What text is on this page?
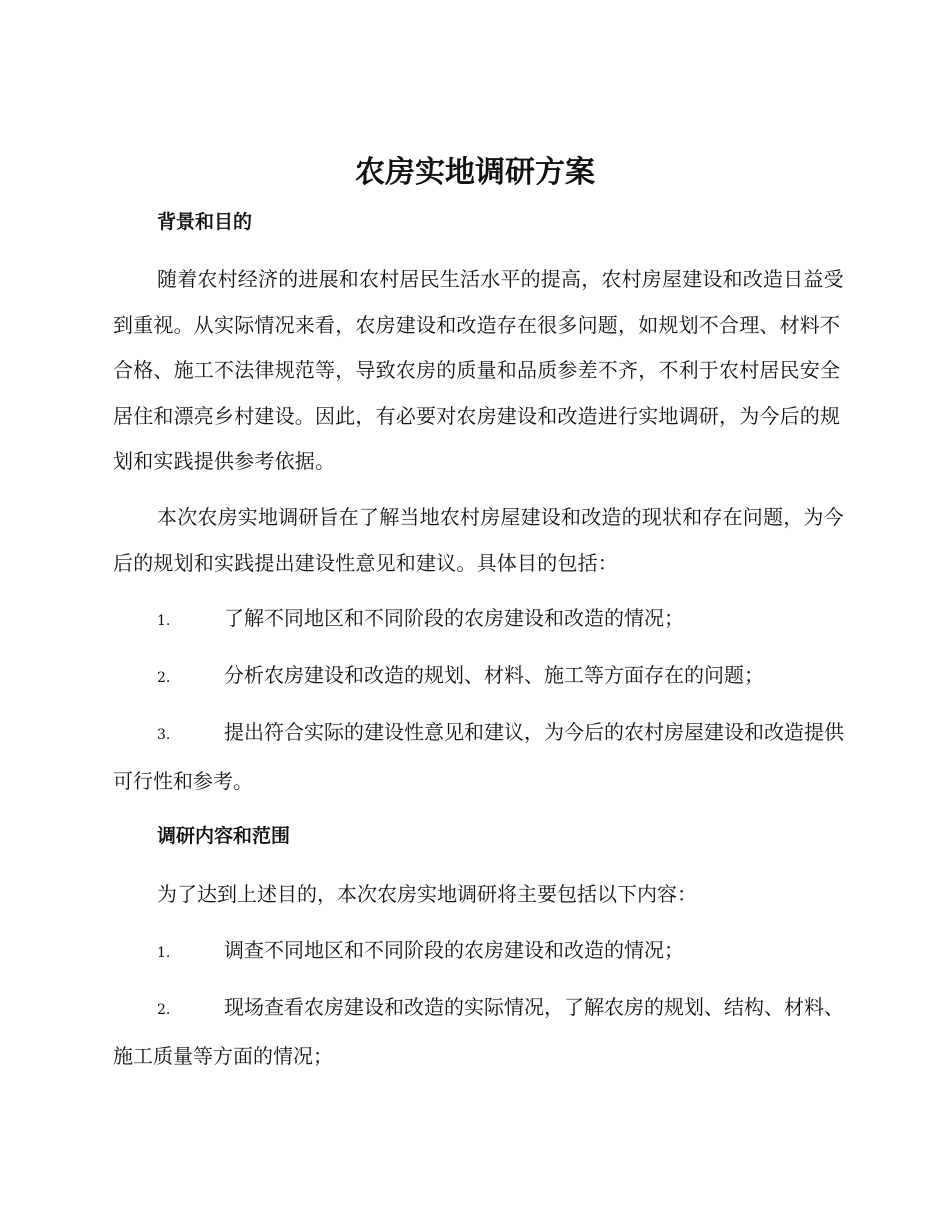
农房实地调研方案
背景和目的

随着农村经济的进展和农村居民生活水平的提高，农村房屋建设和改造日益受到重视。从实际情况来看，农房建设和改造存在很多问题，如规划不合理、材料不合格、施工不法律规范等，导致农房的质量和品质参差不齐，不利于农村居民安全居住和漂亮乡村建设。因此，有必要对农房建设和改造进行实地调研，为今后的规划和实践提供参考依据。

本次农房实地调研旨在了解当地农村房屋建设和改造的现状和存在问题，为今后的规划和实践提出建设性意见和建议。具体目的包括：

1.	了解不同地区和不同阶段的农房建设和改造的情况；

2.	分析农房建设和改造的规划、材料、施工等方面存在的问题；

3.	提出符合实际的建设性意见和建议，为今后的农村房屋建设和改造提供可行性和参考。

调研内容和范围

为了达到上述目的，本次农房实地调研将主要包括以下内容：

1.	调查不同地区和不同阶段的农房建设和改造的情况；

2.	现场查看农房建设和改造的实际情况，了解农房的规划、结构、材料、施工质量等方面的情况；
